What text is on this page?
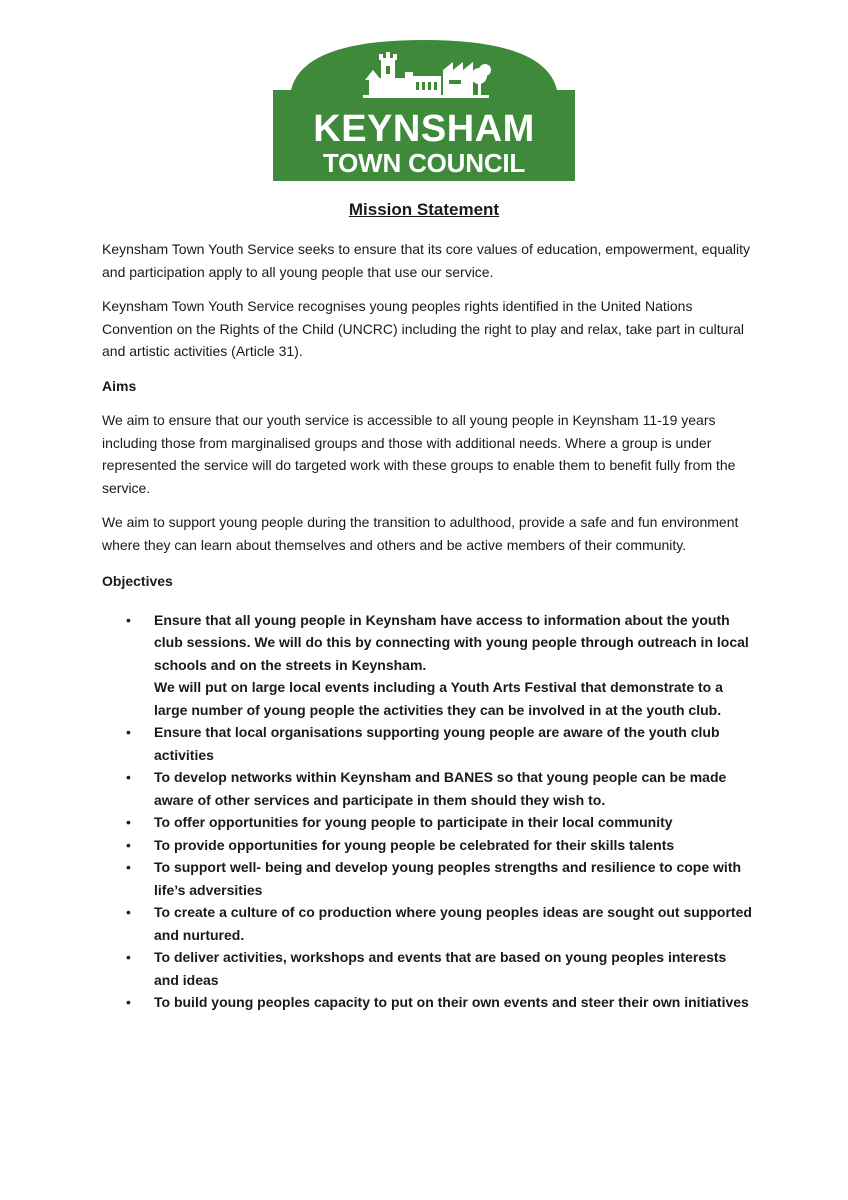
KEYNSHAM
TOWN COUNCIL
Mission Statement

Keynsham Town Youth Service seeks to ensure that its core values of education, empowerment, equality and participation apply to all young people that use our service.

Keynsham Town Youth Service recognises young peoples rights identified in the United Nations Convention on the Rights of the Child (UNCRC) including the right to play and relax, take part in cultural and artistic activities (Article 31).

Aims

We aim to ensure that our youth service is accessible to all young people in Keynsham 11-19 years including those from marginalised groups and those with additional needs. Where a group is under represented the service will do targeted work with these groups to enable them to benefit fully from the service.

We aim to support young people during the transition to adulthood, provide a safe and fun environment where they can learn about themselves and others and be active members of their community.

Objectives
• Ensure that all young people in Keynsham have access to information about the youth club sessions. We will do this by connecting with young people through outreach in local schools and on the streets in Keynsham.
We will put on large local events including a Youth Arts Festival that demonstrate to a large number of young people the activities they can be involved in at the youth club.
• Ensure that local organisations supporting young people are aware of the youth club activities
• To develop networks within Keynsham and BANES so that young people can be made aware of other services and participate in them should they wish to.
• To offer opportunities for young people to participate in their local community
• To provide opportunities for young people be celebrated for their skills talents
• To support well- being and develop young peoples strengths and resilience to cope with life’s adversities
• To create a culture of co production where young peoples ideas are sought out supported and nurtured.
• To deliver activities, workshops and events that are based on young peoples interests and ideas
• To build young peoples capacity to put on their own events and steer their own initiatives
